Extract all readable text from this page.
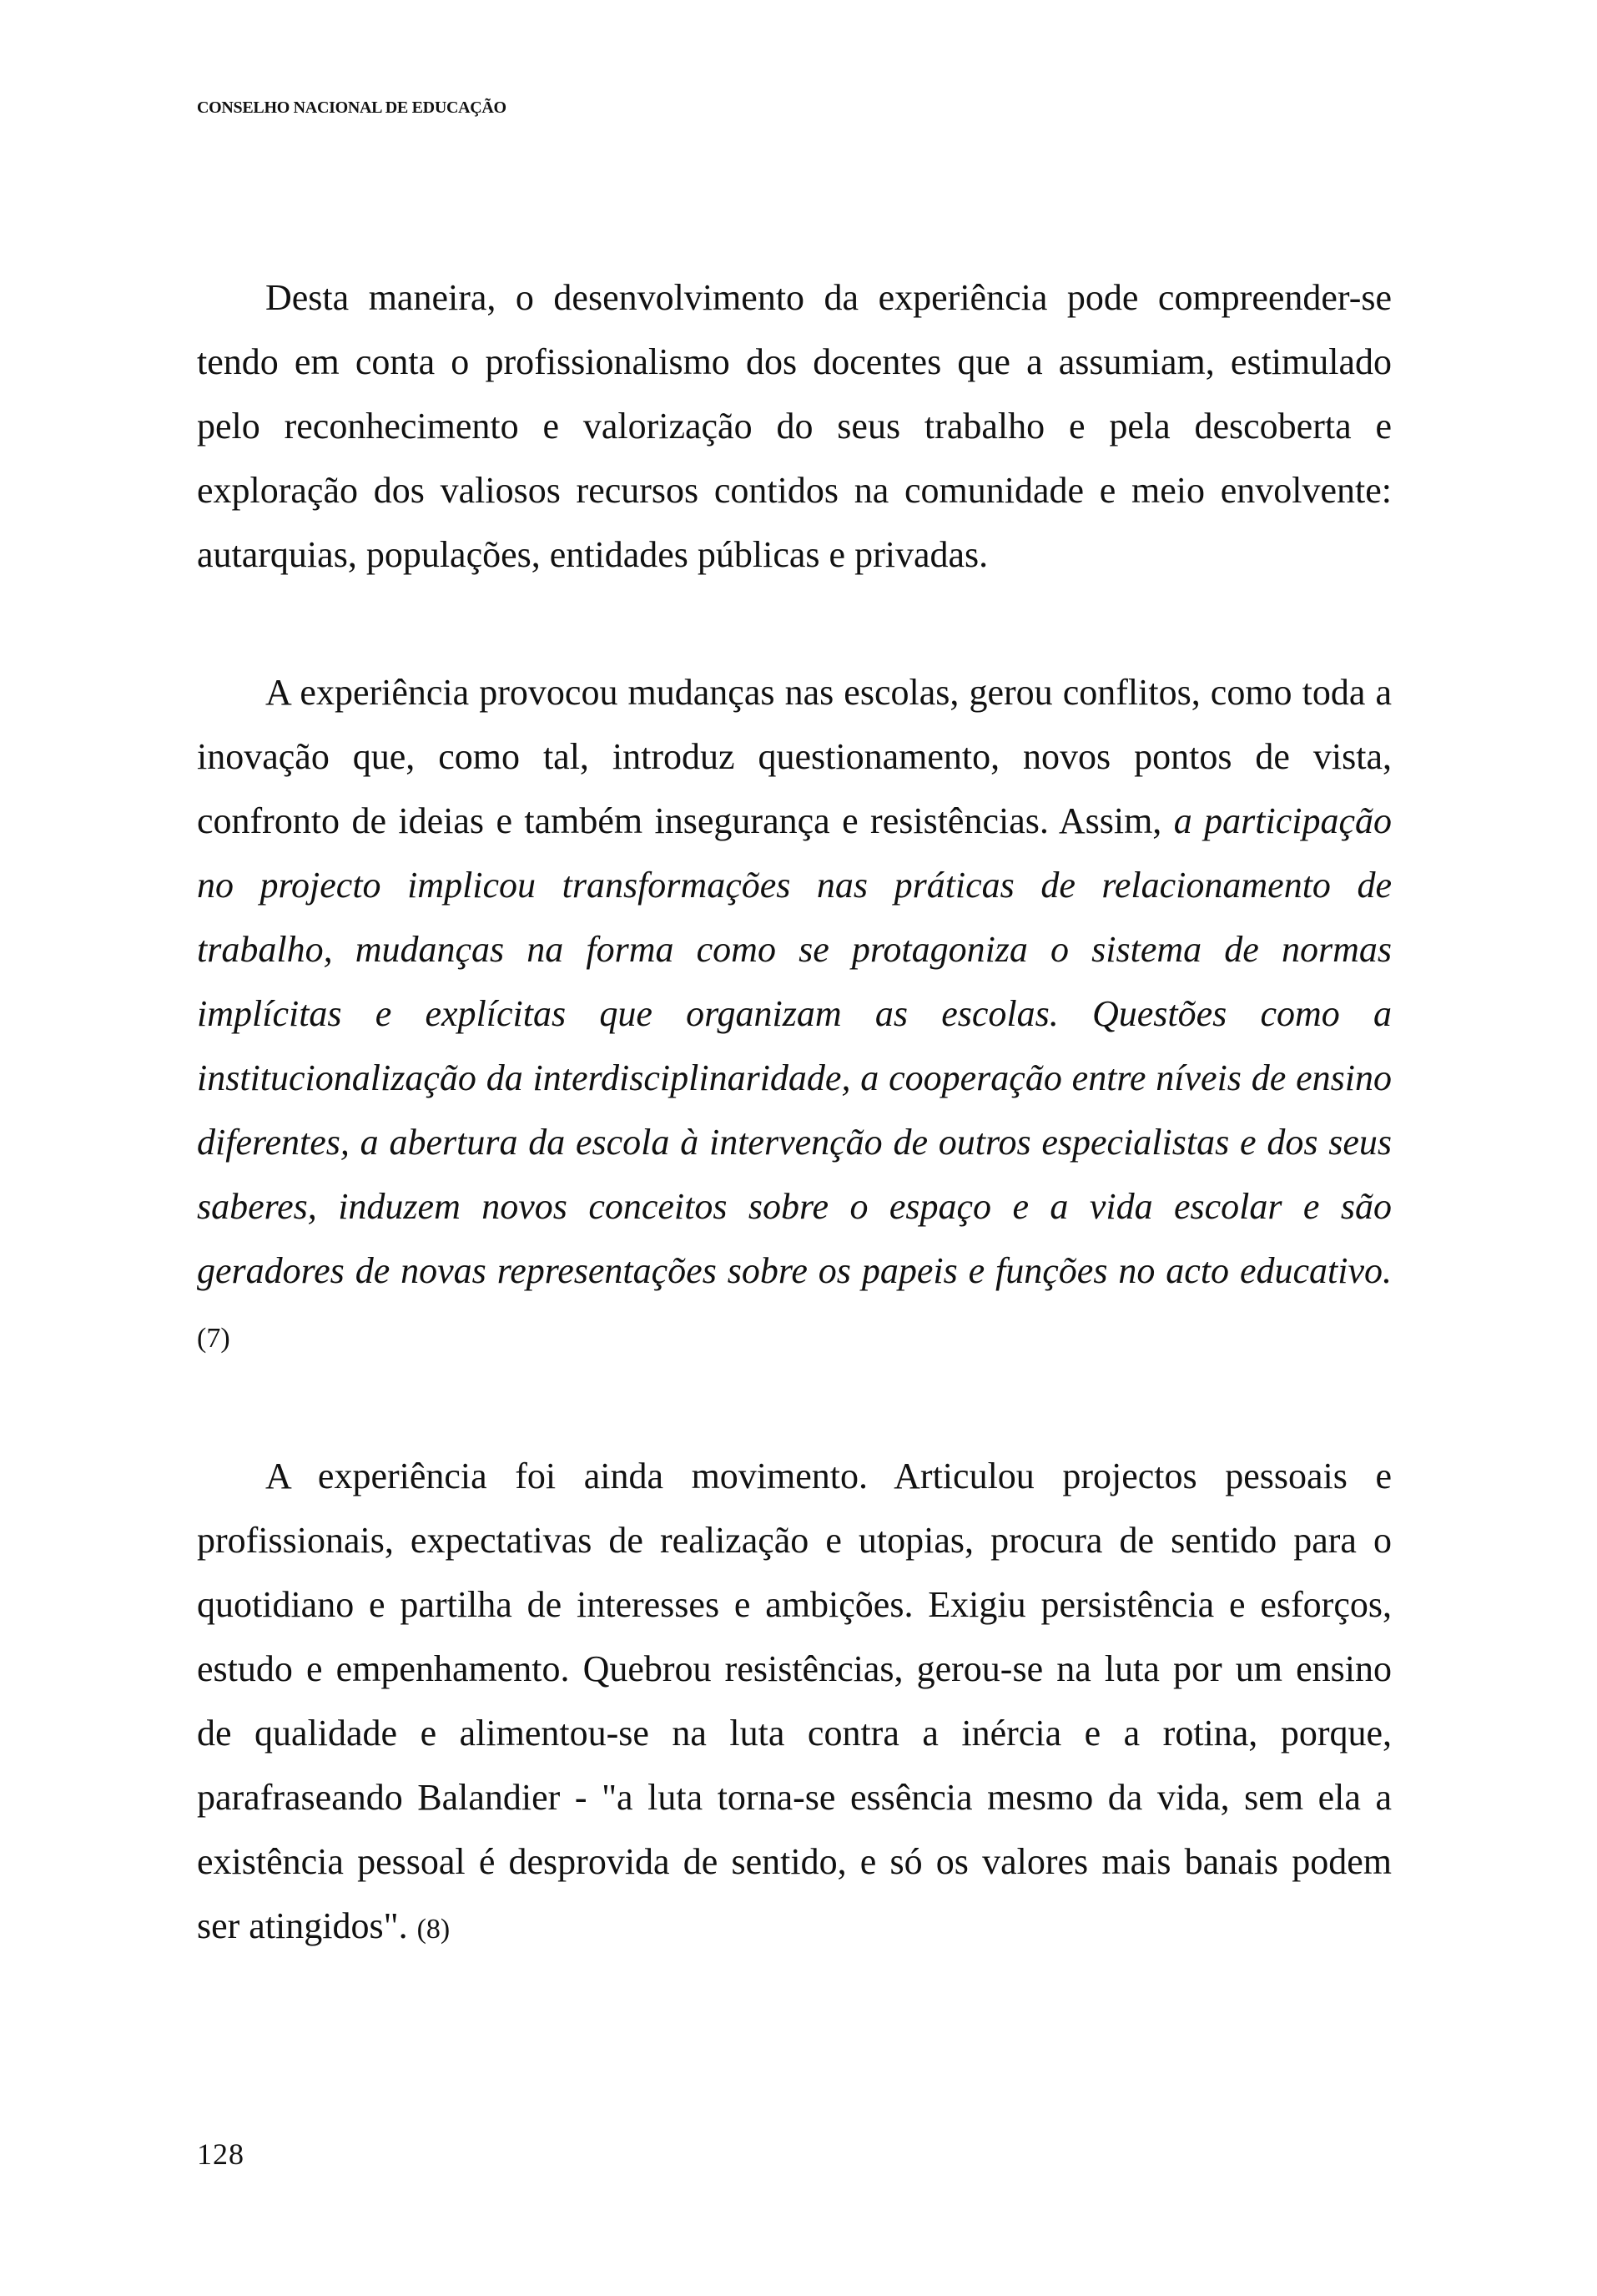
CONSELHO NACIONAL DE EDUCAÇÃO

Desta maneira, o desenvolvimento da experiência pode compreender-se tendo em conta o profissionalismo dos docentes que a assumiam, estimulado pelo reconhecimento e valorização do seus trabalho e pela descoberta e exploração dos valiosos recursos contidos na comunidade e meio envolvente: autarquias, populações, entidades públicas e privadas.

A experiência provocou mudanças nas escolas, gerou conflitos, como toda a inovação que, como tal, introduz questionamento, novos pontos de vista, confronto de ideias e também insegurança e resistências. Assim, a participação no projecto implicou transformações nas práticas de relacionamento de trabalho, mudanças na forma como se protagoniza o sistema de normas implícitas e explícitas que organizam as escolas. Questões como a institucionalização da interdisciplinaridade, a cooperação entre níveis de ensino diferentes, a abertura da escola à intervenção de outros especialistas e dos seus saberes, induzem novos conceitos sobre o espaço e a vida escolar e são geradores de novas representações sobre os papeis e funções no acto educativo. (7)

A experiência foi ainda movimento. Articulou projectos pessoais e profissionais, expectativas de realização e utopias, procura de sentido para o quotidiano e partilha de interesses e ambições. Exigiu persistência e esforços, estudo e empenhamento. Quebrou resistências, gerou-se na luta por um ensino de qualidade e alimentou-se na luta contra a inércia e a rotina, porque, parafraseando Balandier - "a luta torna-se essência mesmo da vida, sem ela a existência pessoal é desprovida de sentido, e só os valores mais banais podem ser atingidos". (8)

128
